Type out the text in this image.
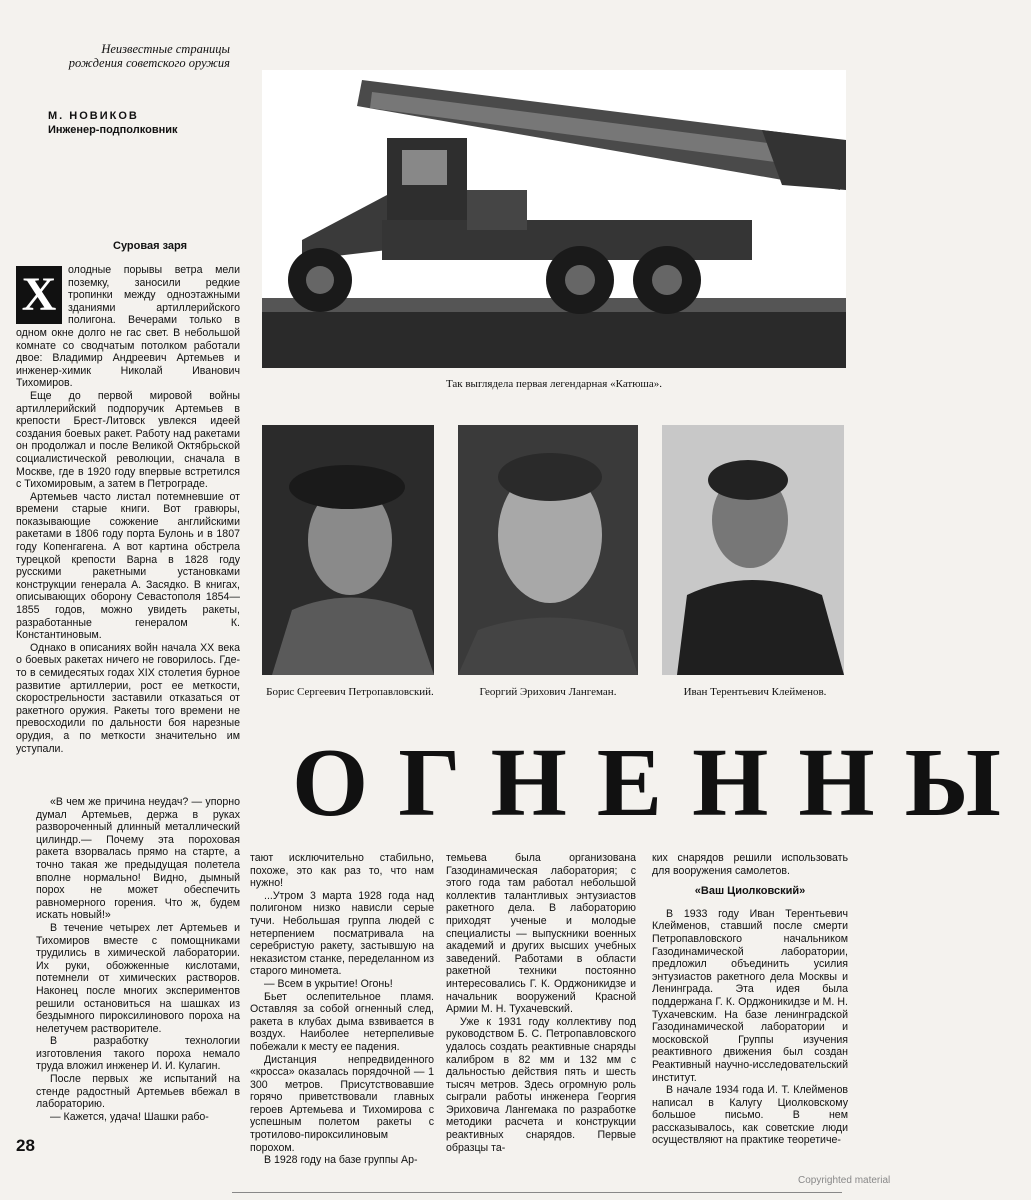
Неизвестные страницы рождения советского оружия
М. НОВИКОВ
Инженер-подполковник
Суровая заря
Х	олодные порывы ветра мели поземку, заносили редкие тропинки между одноэтажными зданиями артиллерийского полигона. Вечерами только в одном окне долго не гас свет. В небольшой комнате со сводчатым потолком работали двое: Владимир Андреевич Артемьев и инженер-химик Николай Иванович Тихомиров.

Еще до первой мировой войны артиллерийский подпоручик Артемьев в крепости Брест-Литовск увлекся идеей создания боевых ракет. Работу над ракетами он продолжал и после Великой Октябрьской социалистической революции, сначала в Москве, где в 1920 году впервые встретился с Тихомировым, а затем в Петрограде.

Артемьев часто листал потемневшие от времени старые книги. Вот гравюры, показывающие сожжение английскими ракетами в 1806 году порта Булонь и в 1807 году Копенгагена. А вот картина обстрела турецкой крепости Варна в 1828 году русскими ракетными установками конструкции генерала А. Засядко. В книгах, описывающих оборону Севастополя 1854—1855 годов, можно увидеть ракеты, разработанные генералом К. Константиновым.

Однако в описаниях войн начала XX века о боевых ракетах ничего не говорилось. Где-то в семидесятых годах XIX столетия бурное развитие артиллерии, рост ее меткости, скорострельности заставили отказаться от ракетного оружия. Ракеты того времени не превосходили по дальности боя нарезные орудия, а по меткости значительно им уступали.

«В чем же причина неудач? — упорно думал Артемьев, держа в руках развороченный длинный металлический цилиндр.— Почему эта пороховая ракета взорвалась прямо на старте, а точно такая же предыдущая полетела вполне нормально! Видно, дымный порох не может обеспечить равномерного горения. Что ж, будем искать новый!»

В течение четырех лет Артемьев и Тихомиров вместе с помощниками трудились в химической лаборатории. Их руки, обожженные кислотами, потемнели от химических растворов. Наконец после многих экспериментов решили остановиться на шашках из бездымного пироксилинового пороха на нелетучем растворителе.

В разработку технологии изготовления такого пороха немало труда вложил инженер И. И. Кулагин.

После первых же испытаний на стенде радостный Артемьев вбежал в лабораторию.

— Кажется, удача! Шашки рабо-

Так выглядела первая легендарная «Катюша».
Борис Сергеевич Петропавловский.	Георгий Эрихович Лангеман.	Иван Терентьевич Клейменов.
ОГНЕННЫ

тают исключительно стабильно, похоже, это как раз то, что нам нужно!

...Утром 3 марта 1928 года над полигоном низко нависли серые тучи. Небольшая группа людей с нетерпением посматривала на серебристую ракету, застывшую на неказистом станке, переделанном из старого миномета.

— Всем в укрытие! Огонь!

Бьет ослепительное пламя. Оставляя за собой огненный след, ракета в клубах дыма взвивается в воздух. Наиболее нетерпеливые побежали к месту ее падения.

Дистанция непредвиденного «кросса» оказалась порядочной — 1 300 метров. Присутствовавшие горячо приветствовали главных героев Артемьева и Тихомирова с успешным полетом ракеты с тротилово-пироксилиновым порохом.

В 1928 году на базе группы Ар-

темьева была организована Газодинамическая лаборатория; с этого года там работал небольшой коллектив талантливых энтузиастов ракетного дела. В лабораторию приходят ученые и молодые специалисты — выпускники военных академий и других высших учебных заведений. Работами в области ракетной техники постоянно интересовались Г. К. Орджоникидзе и начальник вооружений Красной Армии М. Н. Тухачевский.

Уже к 1931 году коллективу под руководством Б. С. Петропавловского удалось создать реактивные снаряды калибром в 82 мм и 132 мм с дальностью действия пять и шесть тысяч метров. Здесь огромную роль сыграли работы инженера Георгия Эриховича Лангемака по разработке методики расчета и конструкции реактивных снарядов. Первые образцы та-

ких снарядов решили использовать для вооружения самолетов.

«Ваш Циолковский»

В 1933 году Иван Терентьевич Клейменов, ставший после смерти Петропавловского начальником Газодинамической лаборатории, предложил объединить усилия энтузиастов ракетного дела Москвы и Ленинграда. Эта идея была поддержана Г. К. Орджоникидзе и М. Н. Тухачевским. На базе ленинградской Газодинамической лаборатории и московской Группы изучения реактивного движения был создан Реактивный научно-исследовательский институт.

В начале 1934 года И. Т. Клейменов написал в Калугу Циолковскому большое письмо. В нем рассказывалось, как советские люди осуществляют на практике теоретиче-

28
Copyrighted material
